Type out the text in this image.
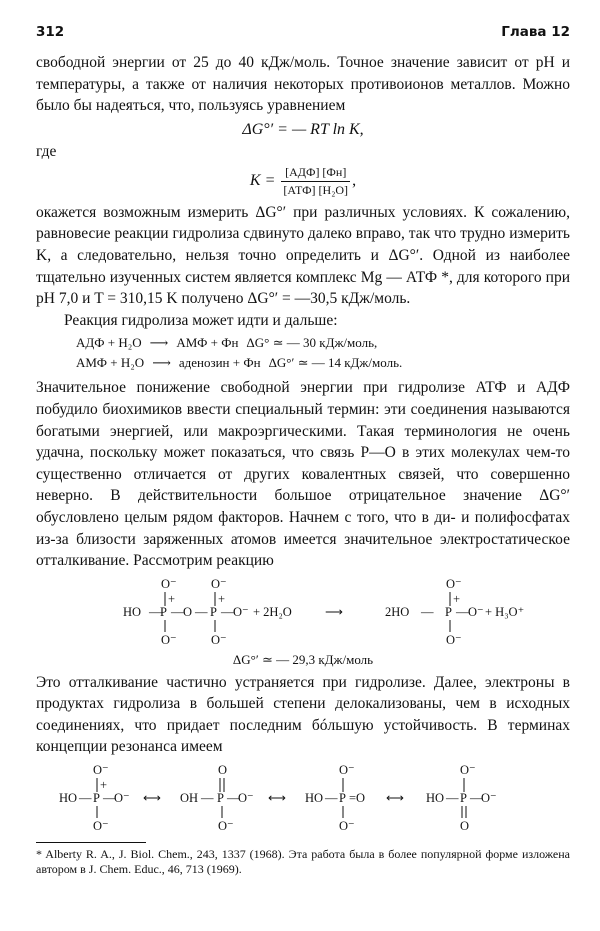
312	Глава 12

свободной энергии от 25 до 40 кДж/моль. Точное значение зависит от рН и температуры, а также от наличия некоторых противоионов металлов. Можно было бы надеяться, что, пользуясь уравнением

ΔG°′ = — RT ln K,

где

$K = \frac{\text{[АДФ] [Фн]}}{\text{[АТФ] [H₂O]}}$ ,

окажется возможным измерить ΔG°′ при различных условиях. К сожалению, равновесие реакции гидролиза сдвинуто далеко вправо, так что трудно измерить K, а следовательно, нельзя точно определить и ΔG°′. Одной из наиболее тщательно изученных систем является комплекс Mg — АТФ *, для которого при рН 7,0 и T = 310,15 K получено ΔG°′ = —30,5 кДж/моль.

Реакция гидролиза может идти и дальше:

АДФ + H₂O ⟶ АМФ + Фн ΔG° ≃ — 30 кДж/моль,
АМФ + H₂O ⟶ аденозин + Фн ΔG°′ ≃ — 14 кДж/моль.

Значительное понижение свободной энергии при гидролизе АТФ и АДФ побудило биохимиков ввести специальный термин: эти соединения называются богатыми энергией, или макроэргическими. Такая терминология не очень удачна, поскольку может показаться, что связь Р—О в этих молекулах чем-то существенно отличается от других ковалентных связей, что совершенно неверно. В действительности большое отрицательное значение ΔG°′ обусловлено целым рядом факторов. Начнем с того, что в ди- и полифосфатах из-за близости заряженных атомов имеется значительное электростатическое отталкивание. Рассмотрим реакцию

O⁻	O⁻	O⁻
+	+	+
HO —
P — O — P — O⁻ + 2H₂O	⟶	2HO — P — O⁻ + H₃O⁺
O⁻	O⁻	O⁻
ΔG°′ ≃ — 29,3 кДж/моль

Это отталкивание частично устраняется при гидролизе. Далее, электроны в продуктах гидролиза в большей степени делокализованы, чем в исходных соединениях, что придает последним бóльшую устойчивость. В терминах концепции резонанса имеем

O⁻
+
HO — P —
O⁻
O⁻
⟷
O
OH — P —
O⁻
O⁻
⟷
O⁻
HO — P =O
O⁻
⟷
O⁻
HO — P —
O⁻
O

* Alberty R. A., J. Biol. Chem., 243, 1337 (1968). Эта работа была в более популярной форме изложена автором в J. Chem. Educ., 46, 713 (1969).
